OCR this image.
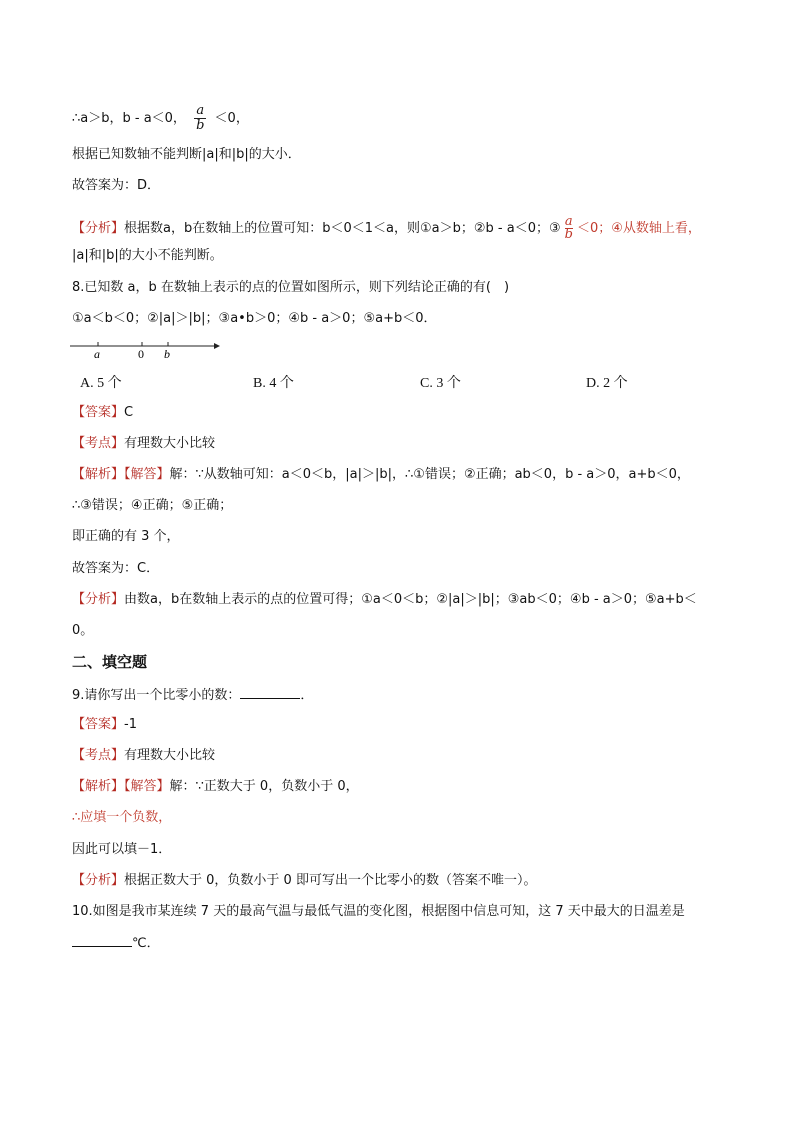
∴a＞b，b - a＜0， $\frac{a}{b} <0$，
根据已知数轴不能判断|a|和|b|的大小．
故答案为：D．
【分析】根据数a，b在数轴上的位置可知：b＜0＜1＜a，则①a＞b；②b - a＜0；③ $\frac{a}{b} <0$；④从数轴上看，
|a|和|b|的大小不能判断。
8.已知数 a，b 在数轴上表示的点的位置如图所示，则下列结论正确的有(　)
①a＜b＜0；②|a|＞|b|；③a•b＞0；④b - a＞0；⑤a+b＜0．
a	0 b
A. 5 个	B. 4 个	C. 3 个	D. 2 个
【答案】C
【考点】有理数大小比较
【解析】【解答】解：∵从数轴可知：a＜0＜b，|a|＞|b|，∴①错误；②正确；ab＜0，b - a＞0，a+b＜0，
∴③错误；④正确；⑤正确；
即正确的有 3 个，
故答案为：C．
【分析】由数a，b在数轴上表示的点的位置可得；①a＜0＜b；②|a|＞|b|；③ab＜0；④b - a＞0；⑤a+b＜
0。
二、填空题
9.请你写出一个比零小的数：	．
【答案】-1
【考点】有理数大小比较
【解析】【解答】解：∵正数大于 0，负数小于 0，
∴应填一个负数，
因此可以填－1．
【分析】根据正数大于 0，负数小于 0 即可写出一个比零小的数（答案不唯一）。
10.如图是我市某连续 7 天的最高气温与最低气温的变化图，根据图中信息可知，这 7 天中最大的日温差是
℃．
